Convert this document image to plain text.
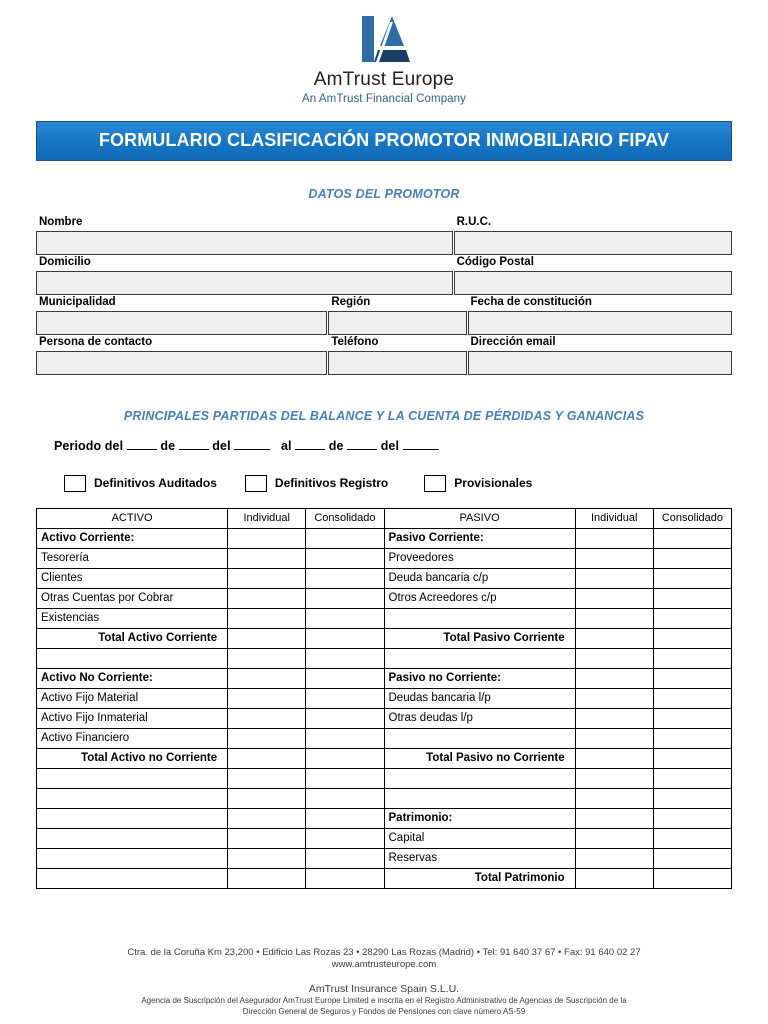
AmTrust Europe
An AmTrust Financial Company
FORMULARIO CLASIFICACIÓN PROMOTOR INMOBILIARIO FIPAV
DATOS DEL PROMOTOR
Nombre	R.U.C.
Domicilio	Código Postal
Municipalidad	Región	Fecha de constitución
Persona de contacto	Teléfono	Dirección email
PRINCIPALES PARTIDAS DEL BALANCE Y LA CUENTA DE PÉRDIDAS Y GANANCIAS
Periodo del	de	del	al	de	del
Definitivos Auditados	Definitivos Registro	Provisionales
ACTIVO	Individual	Consolidado	PASIVO	Individual	Consolidado
Activo Corriente:			Pasivo Corriente:		
Tesorería			Proveedores		
Clientes			Deuda bancaria c/p		
Otras Cuentas por Cobrar			Otros Acreedores c/p		
Existencias					
Total Activo Corriente			Total Pasivo Corriente		

Activo No Corriente:			Pasivo no Corriente:		
Activo Fijo Material			Deudas bancaria l/p		
Activo Fijo Inmaterial			Otras deudas l/p		
Activo Financiero					
Total Activo no Corriente			Total Pasivo no Corriente		

			Patrimonio:		
			Capital		
			Reservas		
			Total Patrimonio		
Ctra. de la Coruña Km 23,200 • Edificio Las Rozas 23 • 28290 Las Rozas (Madrid) • Tel: 91 640 37 67 • Fax: 91 640 02 27
www.amtrusteurope.com
AmTrust Insurance Spain S.L.U.
Agencia de Suscripción del Asegurador AmTrust Europe Limited e inscrita en el Registro Administrativo de Agencias de Suscripción de la
Dirección General de Seguros y Fondos de Pensiones con clave número AS-59
